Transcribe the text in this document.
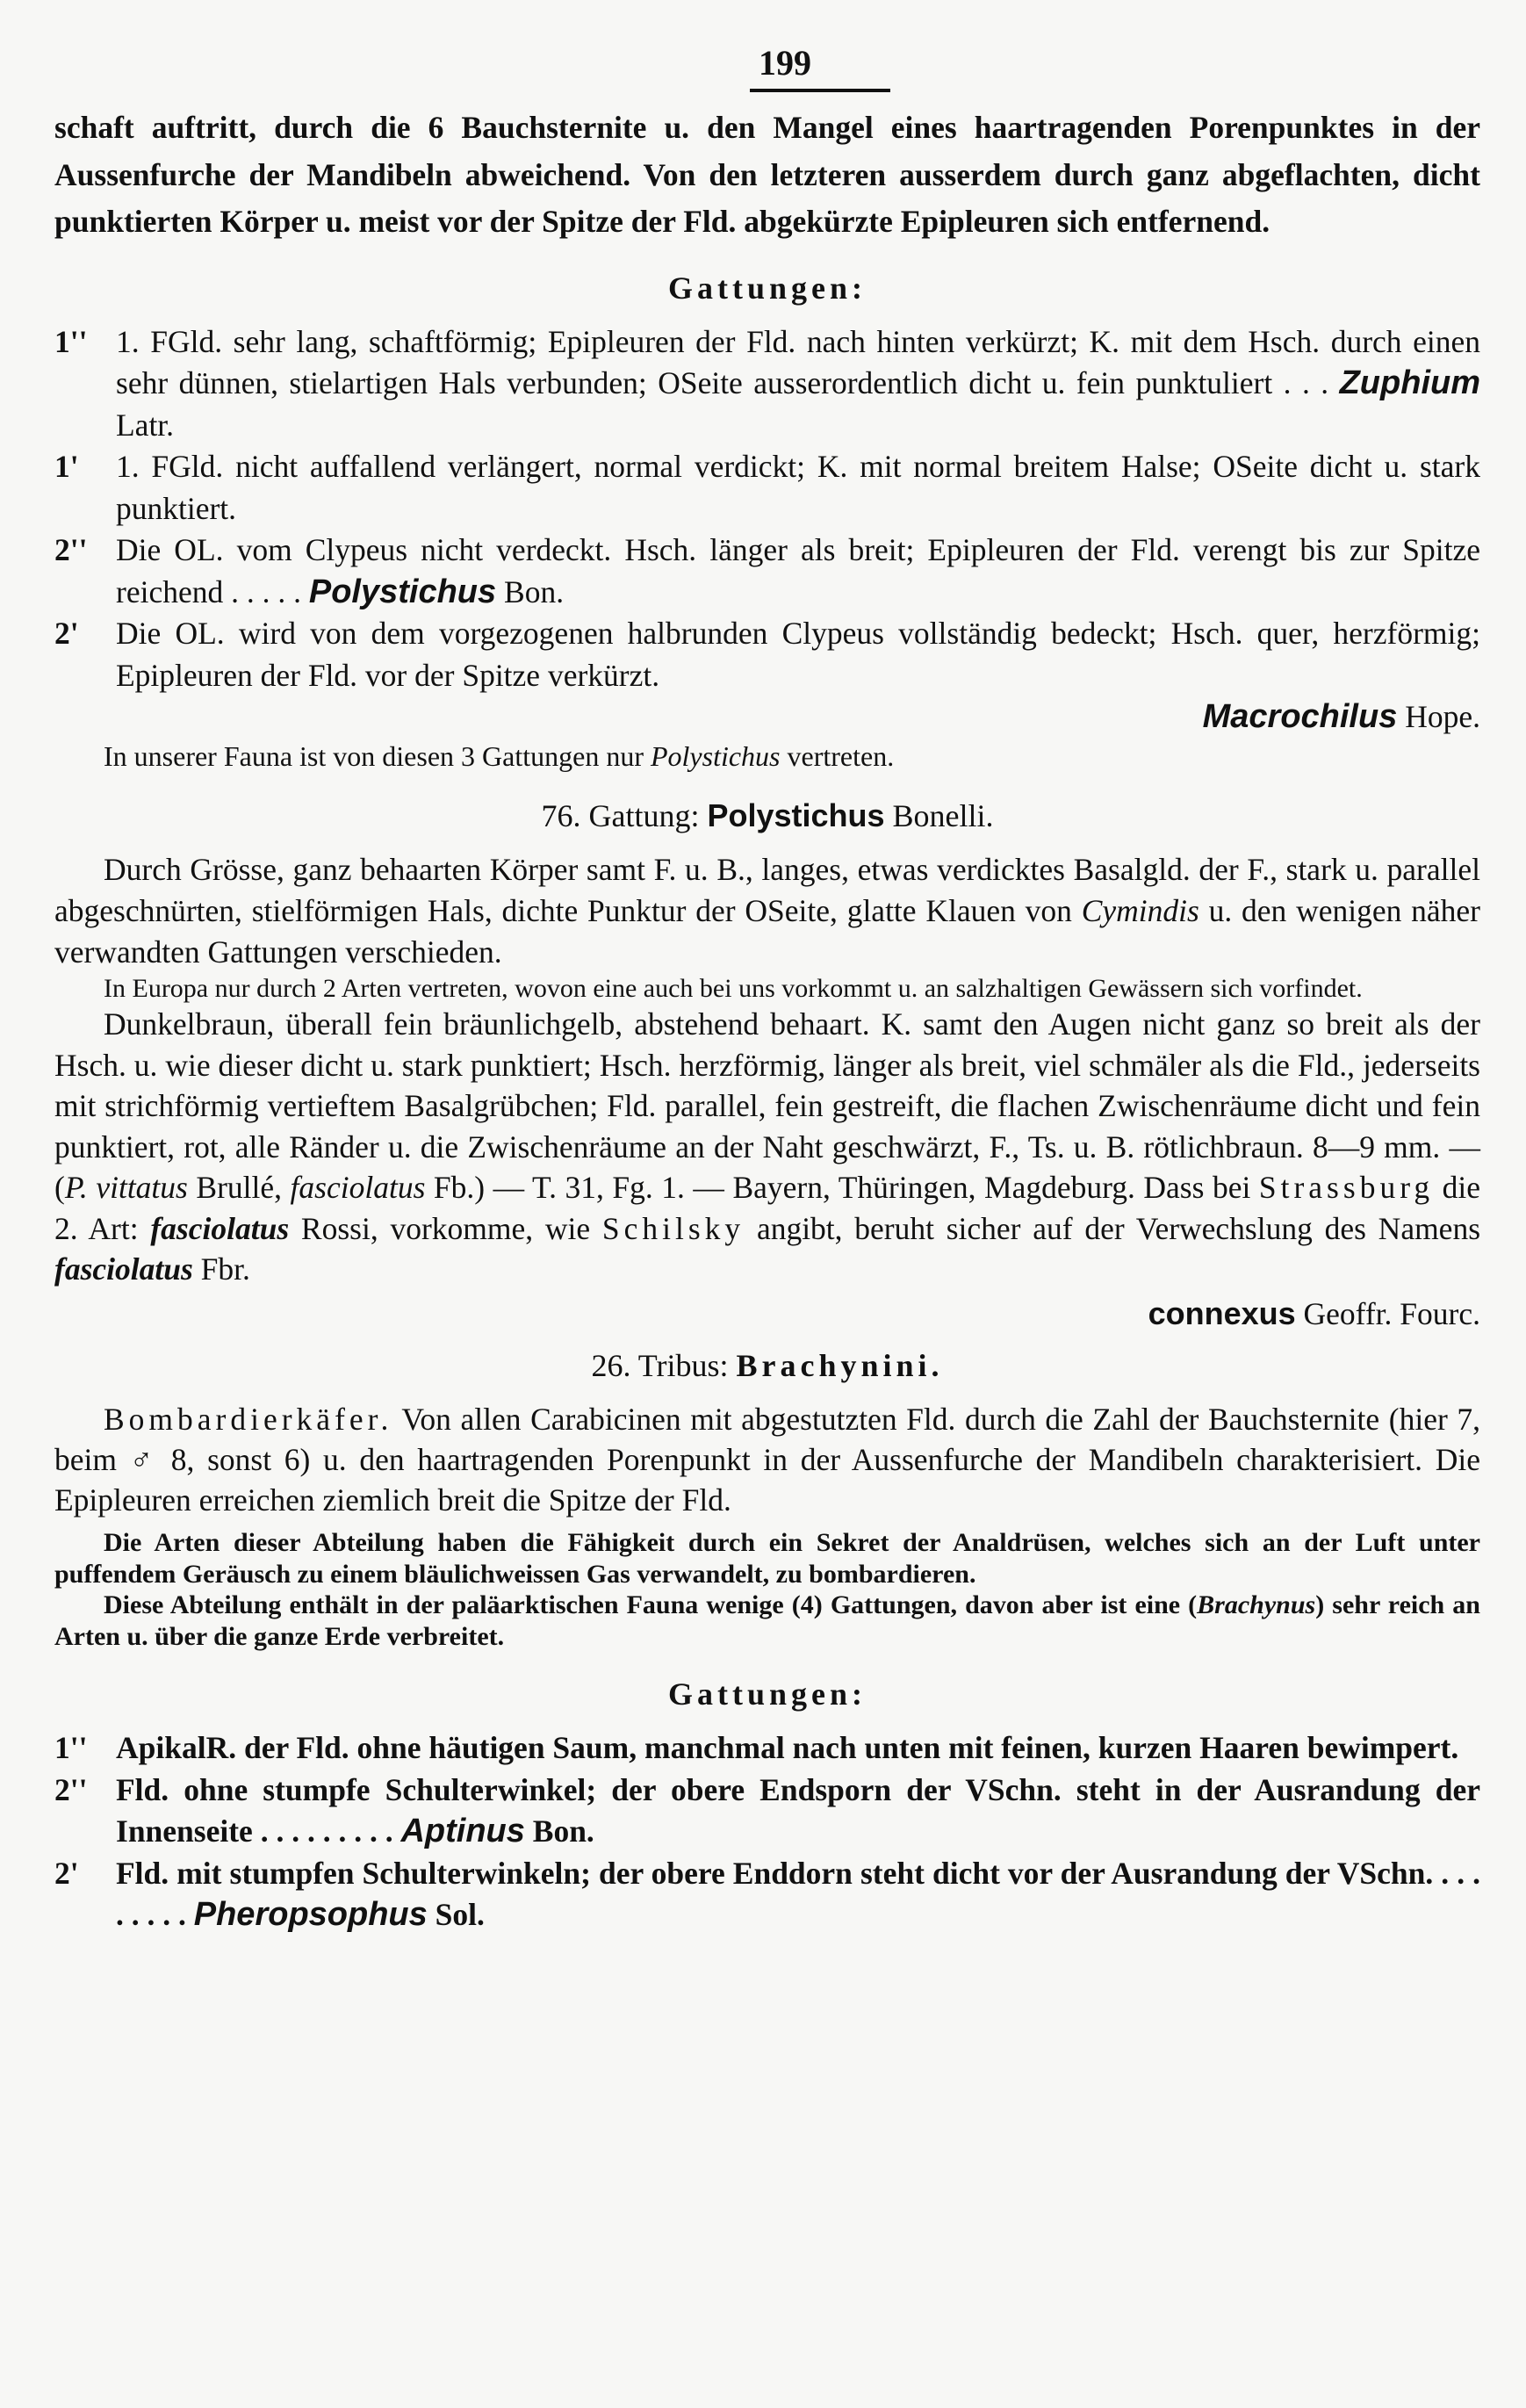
199

schaft auftritt, durch die 6 Bauchsternite u. den Mangel eines haartragenden Porenpunktes in der Aussenfurche der Mandibeln abweichend. Von den letzteren ausserdem durch ganz abgeflachten, dicht punktierten Körper u. meist vor der Spitze der Fld. abgekürzte Epipleuren sich entfernend.

Gattungen:
1'' 1. FGld. sehr lang, schaftförmig; Epipleuren der Fld. nach hinten verkürzt; K. mit dem Hsch. durch einen sehr dünnen, stielartigen Hals verbunden; OSeite ausserordentlich dicht u. fein punktuliert . . . Zuphium Latr.
1'	1. FGld. nicht auffallend verlängert, normal verdickt; K. mit normal breitem Halse; OSeite dicht u. stark punktiert.
2'' Die OL. vom Clypeus nicht verdeckt. Hsch. länger als breit; Epipleuren der Fld. verengt bis zur Spitze reichend . . . . . Polystichus Bon.
2'	Die OL. wird von dem vorgezogenen halbrunden Clypeus vollständig bedeckt; Hsch. quer, herzförmig; Epipleuren der Fld. vor der Spitze verkürzt.
Macrochilus Hope.

In unserer Fauna ist von diesen 3 Gattungen nur Polystichus vertreten.

76. Gattung: Polystichus Bonelli.

Durch Grösse, ganz behaarten Körper samt F. u. B., langes, etwas verdicktes Basalgld. der F., stark u. parallel abgeschnürten, stielförmigen Hals, dichte Punktur der OSeite, glatte Klauen von Cymindis u. den wenigen näher verwandten Gattungen verschieden.

In Europa nur durch 2 Arten vertreten, wovon eine auch bei uns vorkommt u. an salzhaltigen Gewässern sich vorfindet.

Dunkelbraun, überall fein bräunlichgelb, abstehend behaart. K. samt den Augen nicht ganz so breit als der Hsch. u. wie dieser dicht u. stark punktiert; Hsch. herzförmig, länger als breit, viel schmäler als die Fld., jederseits mit strichförmig vertieftem Basalgrübchen; Fld. parallel, fein gestreift, die flachen Zwischenräume dicht und fein punktiert, rot, alle Ränder u. die Zwischenräume an der Naht geschwärzt, F., Ts. u. B. rötlichbraun. 8—9 mm. — (P. vittatus Brullé, fasciolatus Fb.) — T. 31, Fg. 1. — Bayern, Thüringen, Magdeburg. Dass bei Strassburg die 2. Art: fasciolatus Rossi, vorkomme, wie Schilsky angibt, beruht sicher auf der Verwechslung des Namens fasciolatus Fbr.

connexus Geoffr. Fourc.
26. Tribus: Brachynini.

Bombardierkäfer. Von allen Carabicinen mit abgestutzten Fld. durch die Zahl der Bauchsternite (hier 7, beim ♂ 8, sonst 6) u. den haartragenden Porenpunkt in der Aussenfurche der Mandibeln charakterisiert. Die Epipleuren erreichen ziemlich breit die Spitze der Fld.

Die Arten dieser Abteilung haben die Fähigkeit durch ein Sekret der Analdrüsen, welches sich an der Luft unter puffendem Geräusch zu einem bläulichweissen Gas verwandelt, zu bombardieren.

Diese Abteilung enthält in der paläarktischen Fauna wenige (4) Gattungen, davon aber ist eine (Brachynus) sehr reich an Arten u. über die ganze Erde verbreitet.

Gattungen:
1'' ApikalR. der Fld. ohne häutigen Saum, manchmal nach unten mit feinen, kurzen Haaren bewimpert.
2'' Fld. ohne stumpfe Schulterwinkel; der obere Endsporn der VSchn. steht in der Ausrandung der Innenseite . . . . . . . . . Aptinus Bon.
2'	Fld. mit stumpfen Schulterwinkeln; der obere Enddorn steht dicht vor der Ausrandung der VSchn. . . . . . . . . Pheropsophus Sol.
